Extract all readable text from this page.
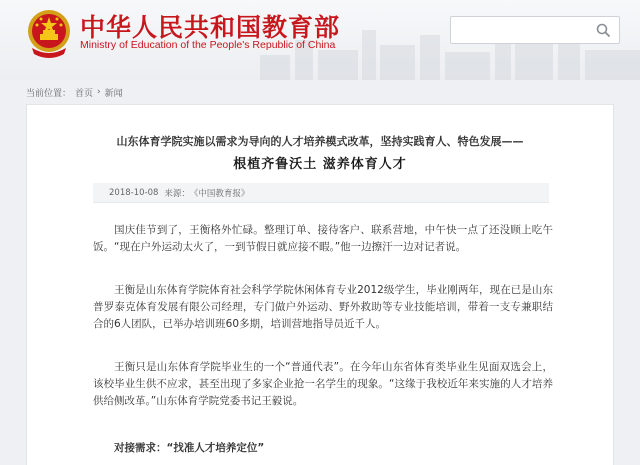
中华人民共和国教育部
Ministry of Education of the People's Republic of China
当前位置： 首页 › 新闻
山东体育学院实施以需求为导向的人才培养模式改革，坚持实践育人、特色发展——
根植齐鲁沃土 滋养体育人才
2018-10-08 来源： 《中国教育报》

国庆佳节到了，王衡格外忙碌。整理订单、接待客户、联系营地，中午快一点了还没顾上吃午饭。“现在户外运动太火了，一到节假日就应接不暇。”他一边擦汗一边对记者说。

王衡是山东体育学院体育社会科学学院休闲体育专业2012级学生，毕业刚两年，现在已是山东普罗泰克体育发展有限公司经理，专门做户外运动、野外救助等专业技能培训，带着一支专兼职结合的6人团队，已举办培训班60多期，培训营地指导员近千人。

王衡只是山东体育学院毕业生的一个“普通代表”。在今年山东省体育类毕业生见面双选会上，该校毕业生供不应求，甚至出现了多家企业抢一名学生的现象。“这缘于我校近年来实施的人才培养供给侧改革。”山东体育学院党委书记王毅说。

对接需求：“找准人才培养定位”
